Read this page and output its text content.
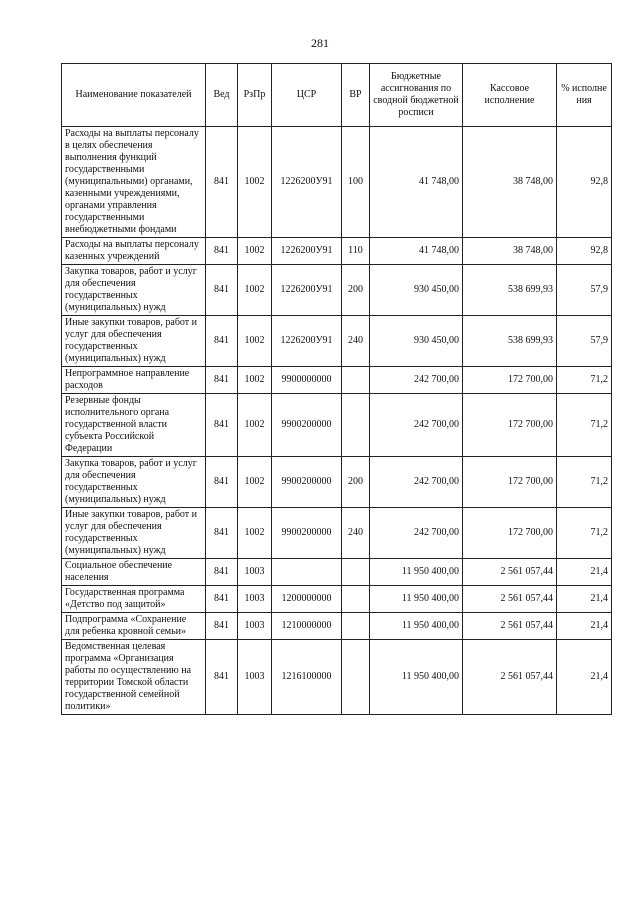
281
Наименование показателей	Вед	РзПр	ЦСР	ВР	Бюджетные ассигнования по сводной бюджетной росписи	Кассовое исполнение	% исполне ния
Расходы на выплаты персоналу в целях обеспечения выполнения функций государственными (муниципальными) органами, казенными учреждениями, органами управления государственными внебюджетными фондами	841	1002	1226200У91	100	41 748,00	38 748,00	92,8
Расходы на выплаты персоналу казенных учреждений	841	1002	1226200У91	110	41 748,00	38 748,00	92,8
Закупка товаров, работ и услуг для обеспечения государственных (муниципальных) нужд	841	1002	1226200У91	200	930 450,00	538 699,93	57,9
Иные закупки товаров, работ и услуг для обеспечения государственных (муниципальных) нужд	841	1002	1226200У91	240	930 450,00	538 699,93	57,9
Непрограммное направление расходов	841	1002	9900000000		242 700,00	172 700,00	71,2
Резервные фонды исполнительного органа государственной власти субъекта Российской Федерации	841	1002	9900200000		242 700,00	172 700,00	71,2
Закупка товаров, работ и услуг для обеспечения государственных (муниципальных) нужд	841	1002	9900200000	200	242 700,00	172 700,00	71,2
Иные закупки товаров, работ и услуг для обеспечения государственных (муниципальных) нужд	841	1002	9900200000	240	242 700,00	172 700,00	71,2
Социальное обеспечение населения	841	1003			11 950 400,00	2 561 057,44	21,4
Государственная программа «Детство под защитой»	841	1003	1200000000		11 950 400,00	2 561 057,44	21,4
Подпрограмма «Сохранение для ребенка кровной семьи»	841	1003	1210000000		11 950 400,00	2 561 057,44	21,4
Ведомственная целевая программа «Организация работы по осуществлению на территории Томской области государственной семейной политики»	841	1003	1216100000		11 950 400,00	2 561 057,44	21,4
